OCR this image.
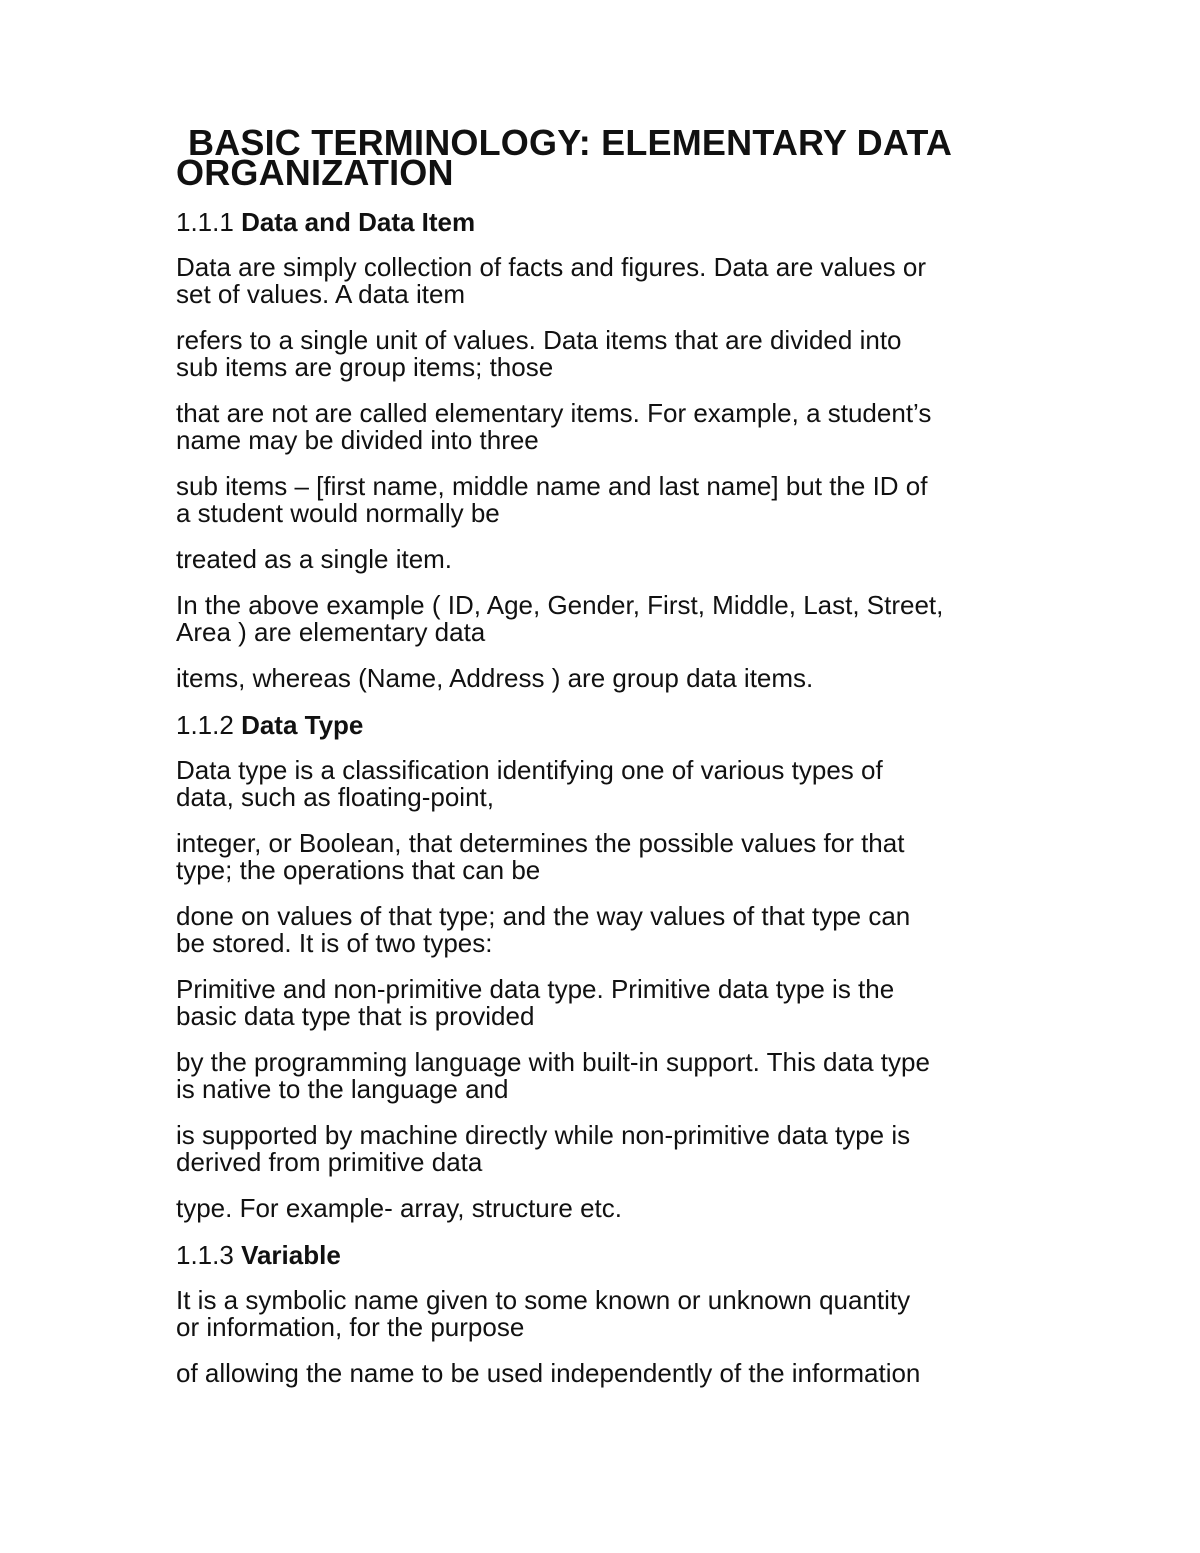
BASIC TERMINOLOGY: ELEMENTARY DATA
ORGANIZATION
1.1.1 Data and Data Item

Data are simply collection of facts and figures. Data are values or
set of values. A data item

refers to a single unit of values. Data items that are divided into
sub items are group items; those

that are not are called elementary items. For example, a student’s
name may be divided into three

sub items – [first name, middle name and last name] but the ID of
a student would normally be

treated as a single item.

In the above example ( ID, Age, Gender, First, Middle, Last, Street,
Area ) are elementary data

items, whereas (Name, Address ) are group data items.

1.1.2 Data Type

Data type is a classification identifying one of various types of
data, such as floating-point,

integer, or Boolean, that determines the possible values for that
type; the operations that can be

done on values of that type; and the way values of that type can
be stored. It is of two types:

Primitive and non-primitive data type. Primitive data type is the
basic data type that is provided

by the programming language with built-in support. This data type
is native to the language and

is supported by machine directly while non-primitive data type is
derived from primitive data

type. For example- array, structure etc.

1.1.3 Variable

It is a symbolic name given to some known or unknown quantity
or information, for the purpose

of allowing the name to be used independently of the information
